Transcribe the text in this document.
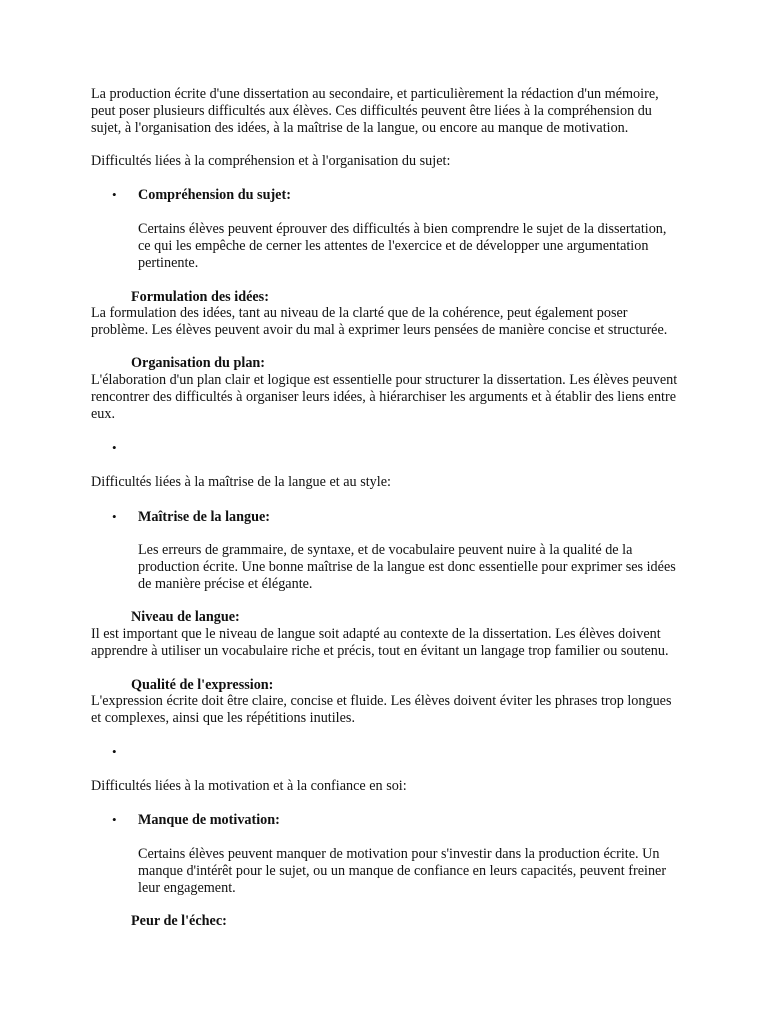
La production écrite d'une dissertation au secondaire, et particulièrement la rédaction d'un mémoire, peut poser plusieurs difficultés aux élèves. Ces difficultés peuvent être liées à la compréhension du sujet, à l'organisation des idées, à la maîtrise de la langue, ou encore au manque de motivation.

Difficultés liées à la compréhension et à l'organisation du sujet:

• Compréhension du sujet:

Certains élèves peuvent éprouver des difficultés à bien comprendre le sujet de la dissertation, ce qui les empêche de cerner les attentes de l'exercice et de développer une argumentation pertinente.

Formulation des idées:

La formulation des idées, tant au niveau de la clarté que de la cohérence, peut également poser problème. Les élèves peuvent avoir du mal à exprimer leurs pensées de manière concise et structurée.

Organisation du plan:

L'élaboration d'un plan clair et logique est essentielle pour structurer la dissertation. Les élèves peuvent rencontrer des difficultés à organiser leurs idées, à hiérarchiser les arguments et à établir des liens entre eux.

•

Difficultés liées à la maîtrise de la langue et au style:

• Maîtrise de la langue:

Les erreurs de grammaire, de syntaxe, et de vocabulaire peuvent nuire à la qualité de la production écrite. Une bonne maîtrise de la langue est donc essentielle pour exprimer ses idées de manière précise et élégante.

Niveau de langue:

Il est important que le niveau de langue soit adapté au contexte de la dissertation. Les élèves doivent apprendre à utiliser un vocabulaire riche et précis, tout en évitant un langage trop familier ou soutenu.

Qualité de l'expression:

L'expression écrite doit être claire, concise et fluide. Les élèves doivent éviter les phrases trop longues et complexes, ainsi que les répétitions inutiles.

•

Difficultés liées à la motivation et à la confiance en soi:

• Manque de motivation:

Certains élèves peuvent manquer de motivation pour s'investir dans la production écrite. Un manque d'intérêt pour le sujet, ou un manque de confiance en leurs capacités, peuvent freiner leur engagement.

Peur de l'échec:
